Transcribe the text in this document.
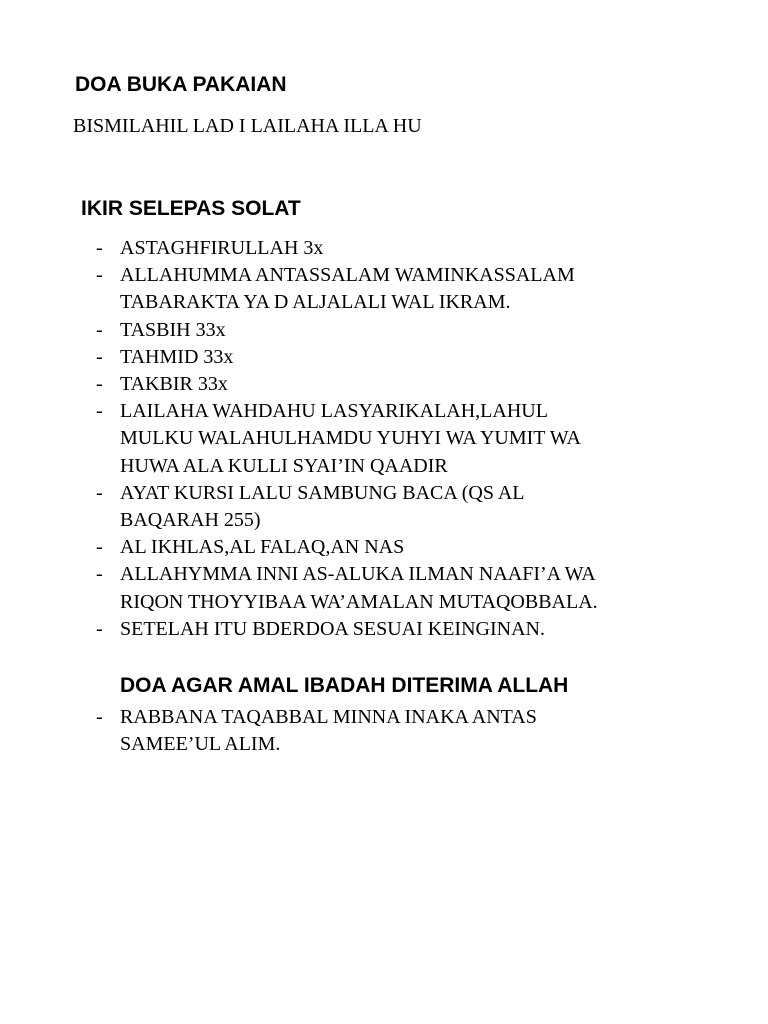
DOA BUKA PAKAIAN

BISMILAHIL LAD I LAILAHA ILLA HU

IKIR SELEPAS SOLAT
- ASTAGHFIRULLAH 3x
- ALLAHUMMA ANTASSALAM WAMINKASSALAM
TABARAKTA YA D ALJALALI WAL IKRAM.
- TASBIH 33x
- TAHMID 33x
- TAKBIR 33x
- LAILAHA WAHDAHU LASYARIKALAH,LAHUL
MULKU WALAHULHAMDU YUHYI WA YUMIT WA
HUWA ALA KULLI SYAI’IN QAADIR
- AYAT KURSI LALU SAMBUNG BACA (QS AL
BAQARAH 255)
- AL IKHLAS,AL FALAQ,AN NAS
- ALLAHYMMA INNI AS-ALUKA ILMAN NAAFI’A WA
RIQON THOYYIBAA WA’AMALAN MUTAQOBBALA.
- SETELAH ITU BDERDOA SESUAI KEINGINAN.
DOA AGAR AMAL IBADAH DITERIMA ALLAH
- RABBANA TAQABBAL MINNA INAKA ANTAS
SAMEE’UL ALIM.
